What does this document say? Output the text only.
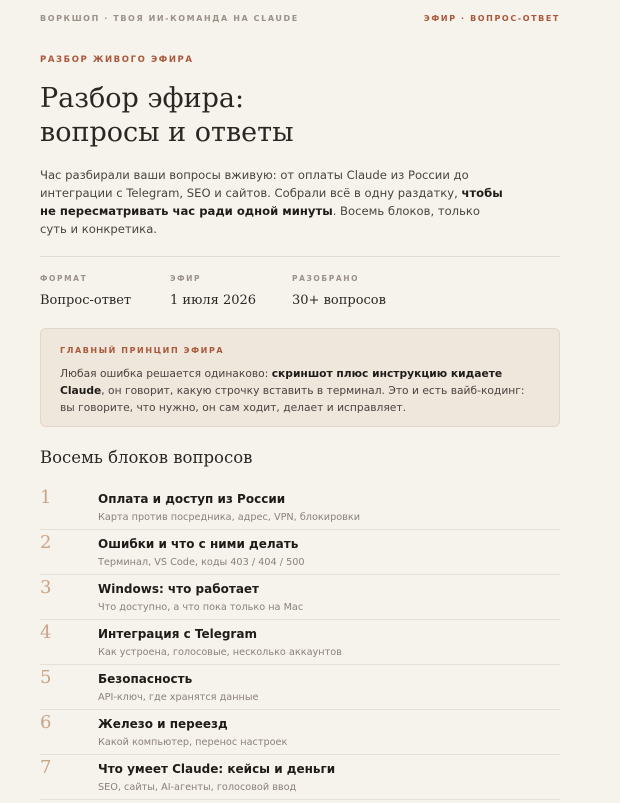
ВОРКШОП · ТВОЯ ИИ-КОМАНДА НА CLAUDE	ЭФИР · ВОПРОС-ОТВЕТ
РАЗБОР ЖИВОГО ЭФИРА
Разбор эфира:
вопросы и ответы

Час разбирали ваши вопросы вживую: от оплаты Claude из России до интеграции с Telegram, SEO и сайтов. Собрали всё в одну раздатку, чтобы не пересматривать час ради одной минуты. Восемь блоков, только суть и конкретика.

ФОРМАТ
Вопрос-ответ
ЭФИР
1 июля 2026
РАЗОБРАНО
30+ вопросов
ГЛАВНЫЙ ПРИНЦИП ЭФИРА
Любая ошибка решается одинаково: скриншот плюс инструкцию кидаете Claude, он говорит, какую строчку вставить в терминал. Это и есть вайб-кодинг: вы говорите, что нужно, он сам ходит, делает и исправляет.
Восемь блоков вопросов
1	Оплата и доступ из России
Карта против посредника, адрес, VPN, блокировки
2	Ошибки и что с ними делать
Терминал, VS Code, коды 403 / 404 / 500
3	Windows: что работает
Что доступно, а что пока только на Mac
4	Интеграция с Telegram
Как устроена, голосовые, несколько аккаунтов
5	Безопасность
API-ключ, где хранятся данные
6	Железо и переезд
Какой компьютер, перенос настроек
7	Что умеет Claude: кейсы и деньги
SEO, сайты, AI-агенты, голосовой ввод
